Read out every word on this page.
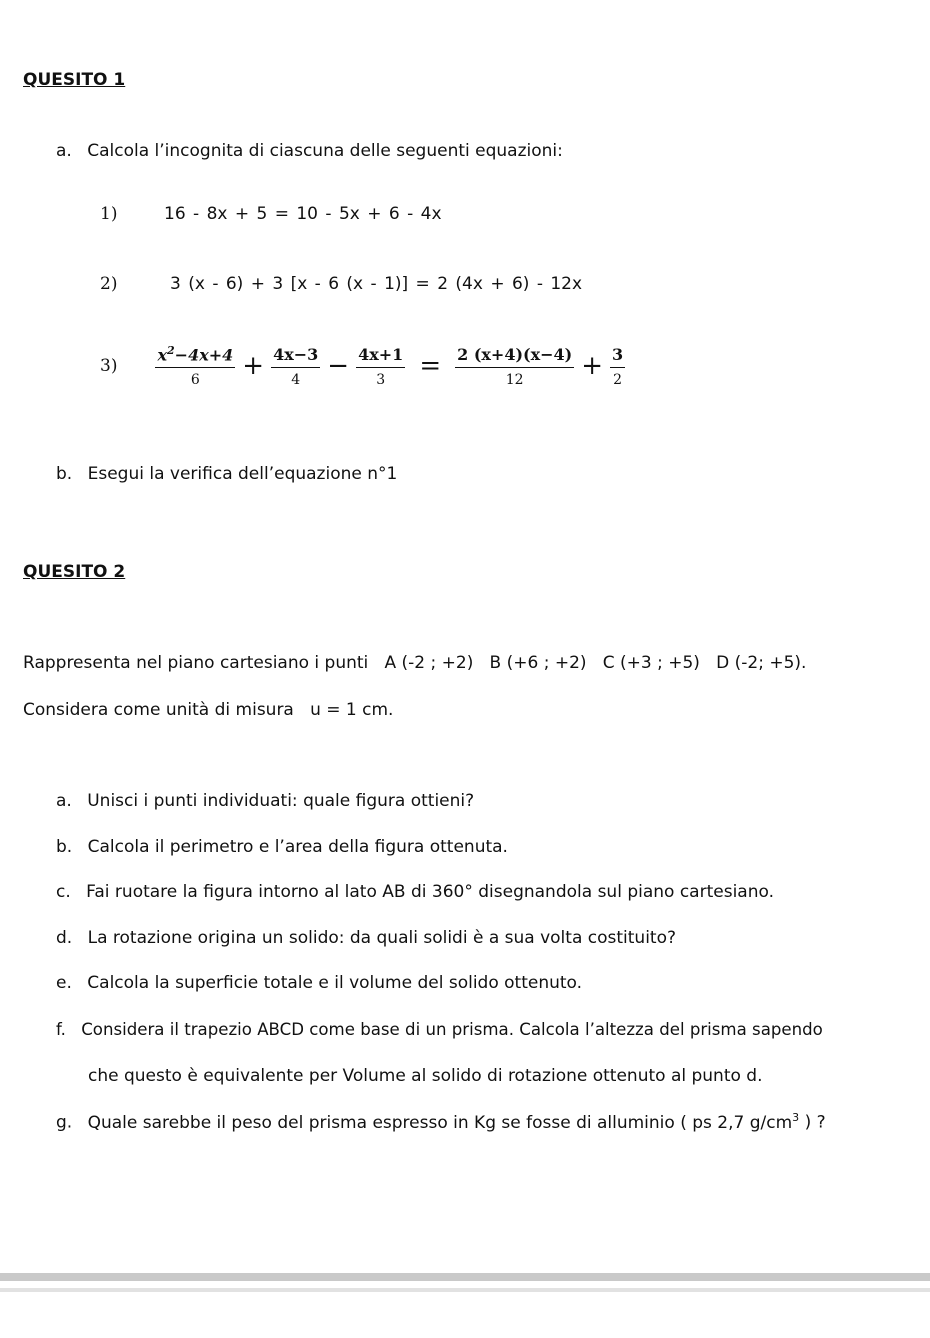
QUESITO 1
a. Calcola l’incognita di ciascuna delle seguenti equazioni:
1)	16 - 8x + 5 = 10 - 5x + 6 - 4x
2)	3 (x - 6) + 3 [x - 6 (x - 1)] = 2 (4x + 6) - 12x
$3) \frac{x^2-4x+4}{6} + \frac{4x-3}{4} - \frac{4x+1}{3} = \frac{2 (x+4)(x-4)}{12} + \frac{3}{2}$
b. Esegui la verifica dell’equazione n°1
QUESITO 2
Rappresenta nel piano cartesiano i punti   A (-2 ; +2)   B (+6 ; +2)   C (+3 ; +5)   D (-2; +5).
Considera come unità di misura   u = 1 cm.
a. Unisci i punti individuati: quale figura ottieni?
b. Calcola il perimetro e l’area della figura ottenuta.
c. Fai ruotare la figura intorno al lato AB di 360° disegnandola sul piano cartesiano.
d. La rotazione origina un solido: da quali solidi è a sua volta costituito?
e. Calcola la superficie totale e il volume del solido ottenuto.
f. Considera il trapezio ABCD come base di un prisma. Calcola l’altezza del prisma sapendo
che questo è equivalente per Volume al solido di rotazione ottenuto al punto d.
g. Quale sarebbe il peso del prisma espresso in Kg se fosse di alluminio ( ps 2,7 $g/cm^3$ ) ?
